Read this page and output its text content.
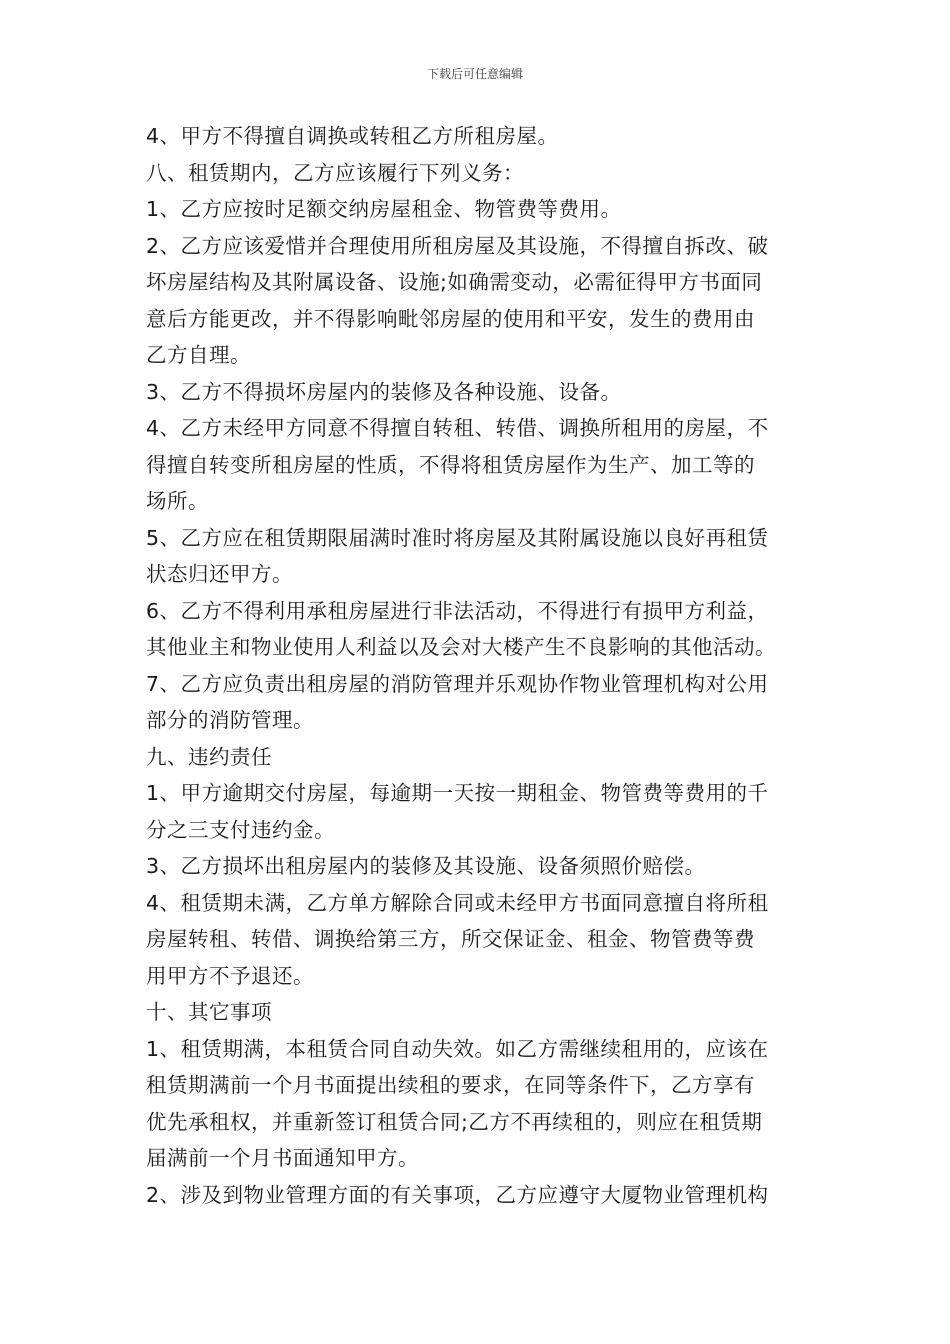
下载后可任意编辑
4、甲方不得擅自调换或转租乙方所租房屋。
八、租赁期内，乙方应该履行下列义务：
1、乙方应按时足额交纳房屋租金、物管费等费用。
2、乙方应该爱惜并合理使用所租房屋及其设施，不得擅自拆改、破
坏房屋结构及其附属设备、设施;如确需变动，必需征得甲方书面同
意后方能更改，并不得影响毗邻房屋的使用和平安，发生的费用由
乙方自理。
3、乙方不得损坏房屋内的装修及各种设施、设备。
4、乙方未经甲方同意不得擅自转租、转借、调换所租用的房屋，不
得擅自转变所租房屋的性质，不得将租赁房屋作为生产、加工等的
场所。
5、乙方应在租赁期限届满时准时将房屋及其附属设施以良好再租赁
状态归还甲方。
6、乙方不得利用承租房屋进行非法活动，不得进行有损甲方利益，
其他业主和物业使用人利益以及会对大楼产生不良影响的其他活动。
7、乙方应负责出租房屋的消防管理并乐观协作物业管理机构对公用
部分的消防管理。
九、违约责任
1、甲方逾期交付房屋，每逾期一天按一期租金、物管费等费用的千
分之三支付违约金。
3、乙方损坏出租房屋内的装修及其设施、设备须照价赔偿。
4、租赁期未满，乙方单方解除合同或未经甲方书面同意擅自将所租
房屋转租、转借、调换给第三方，所交保证金、租金、物管费等费
用甲方不予退还。
十、其它事项
1、租赁期满，本租赁合同自动失效。如乙方需继续租用的，应该在
租赁期满前一个月书面提出续租的要求，在同等条件下，乙方享有
优先承租权，并重新签订租赁合同;乙方不再续租的，则应在租赁期
届满前一个月书面通知甲方。
2、涉及到物业管理方面的有关事项，乙方应遵守大厦物业管理机构
